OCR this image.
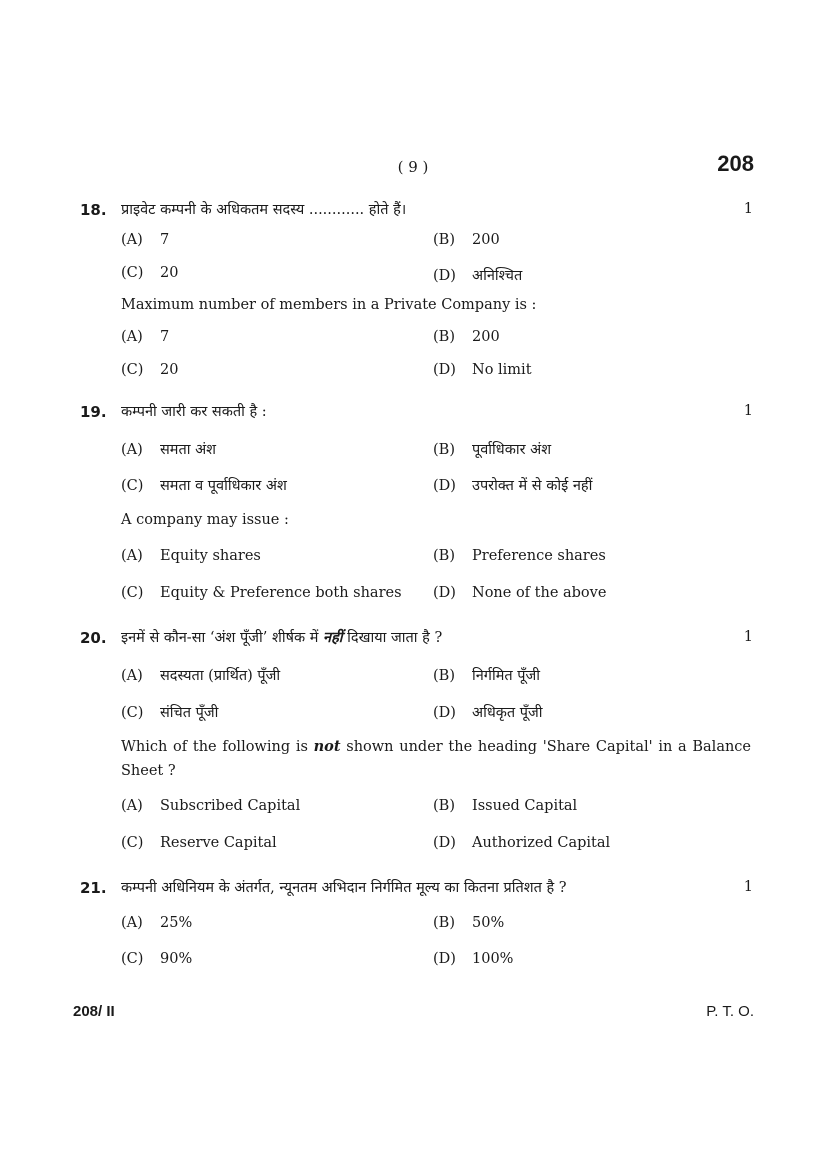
( 9 )	208
18. प्राइवेट कम्पनी के अधिकतम सदस्य ............ होते हैं।	1
(A) 7	(B) 200
(C) 20	(D) अनिश्चित
Maximum number of members in a Private Company is :
(A) 7	(B) 200
(C) 20	(D) No limit
19. कम्पनी जारी कर सकती है :	1
(A) समता अंश	(B) पूर्वाधिकार अंश
(C) समता व पूर्वाधिकार अंश	(D) उपरोक्त में से कोई नहीं
A company may issue :
(A) Equity shares	(B) Preference shares
(C) Equity & Preference both shares (D) None of the above
20. इनमें से कौन-सा ‘अंश पूँजी’ शीर्षक में नहीं दिखाया जाता है ?	1
(A) सदस्यता (प्रार्थित) पूँजी	(B) निर्गमित पूँजी
(C) संचित पूँजी	(D) अधिकृत पूँजी
Which of the following is not shown under the heading 'Share Capital' in a Balance Sheet ?
(A) Subscribed Capital	(B) Issued Capital
(C) Reserve Capital	(D) Authorized Capital
21. कम्पनी अधिनियम के अंतर्गत, न्यूनतम अभिदान निर्गमित मूल्य का कितना प्रतिशत है ?	1
(A) 25%	(B) 50%
(C) 90%	(D) 100%
208/ II	P. T. O.
